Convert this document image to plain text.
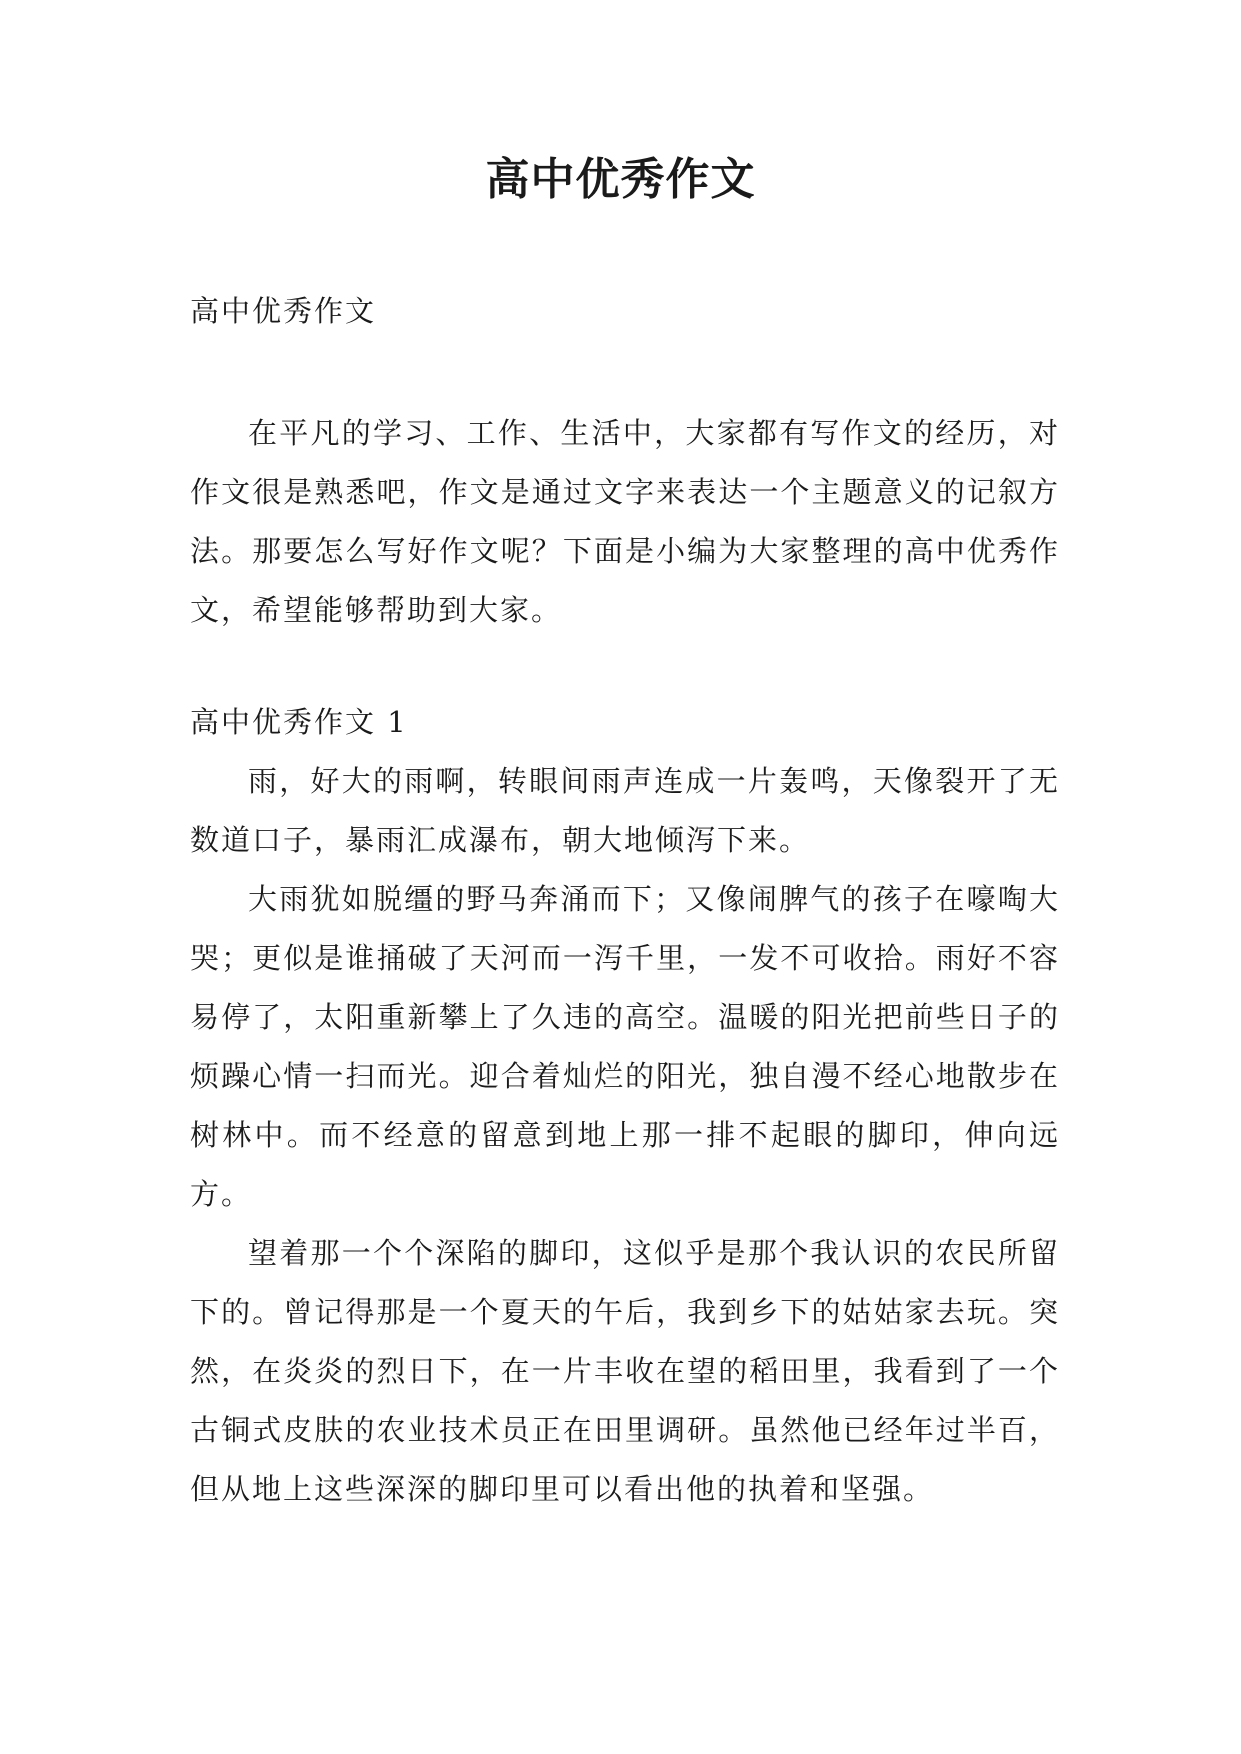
高中优秀作文
高中优秀作文

在平凡的学习、工作、生活中，大家都有写作文的经历，对作文很是熟悉吧，作文是通过文字来表达一个主题意义的记叙方法。那要怎么写好作文呢？下面是小编为大家整理的高中优秀作文，希望能够帮助到大家。

高中优秀作文 1

雨，好大的雨啊，转眼间雨声连成一片轰鸣，天像裂开了无数道口子，暴雨汇成瀑布，朝大地倾泻下来。

大雨犹如脱缰的野马奔涌而下；又像闹脾气的孩子在嚎啕大哭；更似是谁捅破了天河而一泻千里，一发不可收拾。雨好不容易停了，太阳重新攀上了久违的高空。温暖的阳光把前些日子的烦躁心情一扫而光。迎合着灿烂的阳光，独自漫不经心地散步在树林中。而不经意的留意到地上那一排不起眼的脚印，伸向远方。

望着那一个个深陷的脚印，这似乎是那个我认识的农民所留下的。曾记得那是一个夏天的午后，我到乡下的姑姑家去玩。突然，在炎炎的烈日下，在一片丰收在望的稻田里，我看到了一个古铜式皮肤的农业技术员正在田里调研。虽然他已经年过半百，但从地上这些深深的脚印里可以看出他的执着和坚强。
